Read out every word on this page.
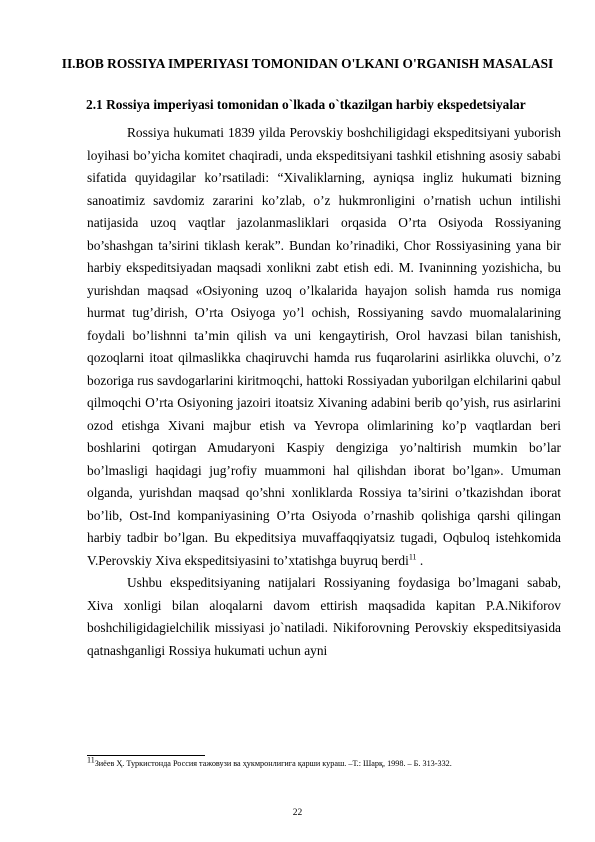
II.BOB ROSSIYA IMPERIYASI TOMONIDAN O'LKANI O'RGANISH MASALASI
2.1 Rossiya imperiyasi tomonidan o`lkada o`tkazilgan harbiy ekspedetsiyalar

Rossiya hukumati 1839 yilda Perovskiy boshchiligidagi ekspeditsiyani yuborish loyihasi bo’yicha komitet chaqiradi, unda ekspeditsiyani tashkil etishning asosiy sababi sifatida quyidagilar ko’rsatiladi: “Xivaliklarning, ayniqsa ingliz hukumati bizning sanoatimiz savdomiz zararini ko’zlab, o’z hukmronligini o’rnatish uchun intilishi natijasida uzoq vaqtlar jazolanmasliklari orqasida O’rta Osiyoda Rossiyaning bo’shashgan ta’sirini tiklash kerak”. Bundan ko’rinadiki, Chor Rossiyasining yana bir harbiy ekspeditsiyadan maqsadi xonlikni zabt etish edi. M. Ivaninning yozishicha, bu yurishdan maqsad «Osiyoning uzoq o’lkalarida hayajon solish hamda rus nomiga hurmat tug’dirish, O’rta Osiyoga yo’l ochish, Rossiyaning savdo muomalalarining foydali bo’lishnni ta’min qilish va uni kengaytirish, Orol havzasi bilan tanishish, qozoqlarni itoat qilmaslikka chaqiruvchi hamda rus fuqarolarini asirlikka oluvchi, o’z bozoriga rus savdogarlarini kiritmoqchi, hattoki Rossiyadan yuborilgan elchilarini qabul qilmoqchi O’rta Osiyoning jazoiri itoatsiz Xivaning adabini berib qo’yish, rus asirlarini ozod etishga Xivani majbur etish va Yevropa olimlarining ko’p vaqtlardan beri boshlarini qotirgan Amudaryoni Kaspiy dengiziga yo’naltirish mumkin bo’lar bo’lmasligi haqidagi jug’rofiy muammoni hal qilishdan iborat bo’lgan». Umuman olganda, yurishdan maqsad qo’shni xonliklarda Rossiya ta’sirini o’tkazishdan iborat bo’lib, Ost-Ind kompaniyasining O’rta Osiyoda o’rnashib qolishiga qarshi qilingan harbiy tadbir bo’lgan. Bu ekpeditsiya muvaffaqqiyatsiz tugadi, Oqbuloq istehkomida V.Perovskiy Xiva ekspeditsiyasini to’xtatishga buyruq berdi$^{11}$ .

Ushbu ekspeditsiyaning natijalari Rossiyaning foydasiga bo’lmagani sabab, Xiva xonligi bilan aloqalarni davom ettirish maqsadida kapitan P.A.Nikiforov boshchiligidagielchilik missiyasi jo`natiladi. Nikiforovning Perovskiy ekspeditsiyasida qatnashganligi Rossiya hukumati uchun ayni

$^{11}$Зиёев Ҳ. Туркистонда Россия тажовузи ва ҳукмронлигига қарши кураш. –Т.: Шарқ, 1998. – Б. 313-332.
22
